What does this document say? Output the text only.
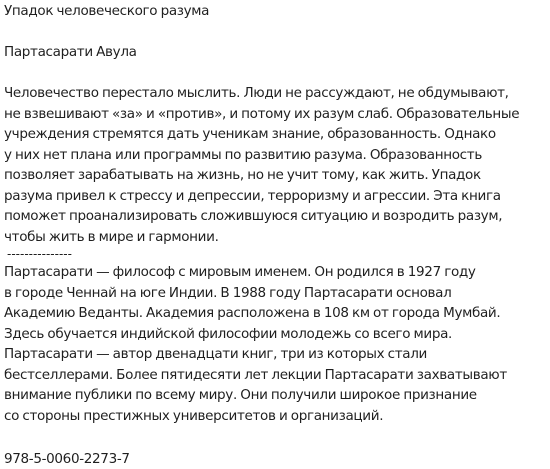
Упадок человеческого разума
Партасарати Авула
Человечество перестало мыслить. Люди не рассуждают, не обдумывают,
не взвешивают «за» и «против», и потому их разум слаб. Образовательные
учреждения стремятся дать ученикам знание, образованность. Однако
у них нет плана или программы по развитию разума. Образованность
позволяет зарабатывать на жизнь, но не учит тому, как жить. Упадок
разума привел к стрессу и депрессии, терроризму и агрессии. Эта книга
поможет проанализировать сложившуюся ситуацию и возродить разум,
чтобы жить в мире и гармонии.
---------------
Партасарати — философ с мировым именем. Он родился в 1927 году
в городе Ченнай на юге Индии. В 1988 году Партасарати основал
Академию Веданты. Академия расположена в 108 км от города Мумбай.
Здесь обучается индийской философии молодежь со всего мира.
Партасарати — автор двенадцати книг, три из которых стали
бестселлерами. Более пятидесяти лет лекции Партасарати захватывают
внимание публики по всему миру. Они получили широкое признание
со стороны престижных университетов и организаций.
978-5-0060-2273-7
